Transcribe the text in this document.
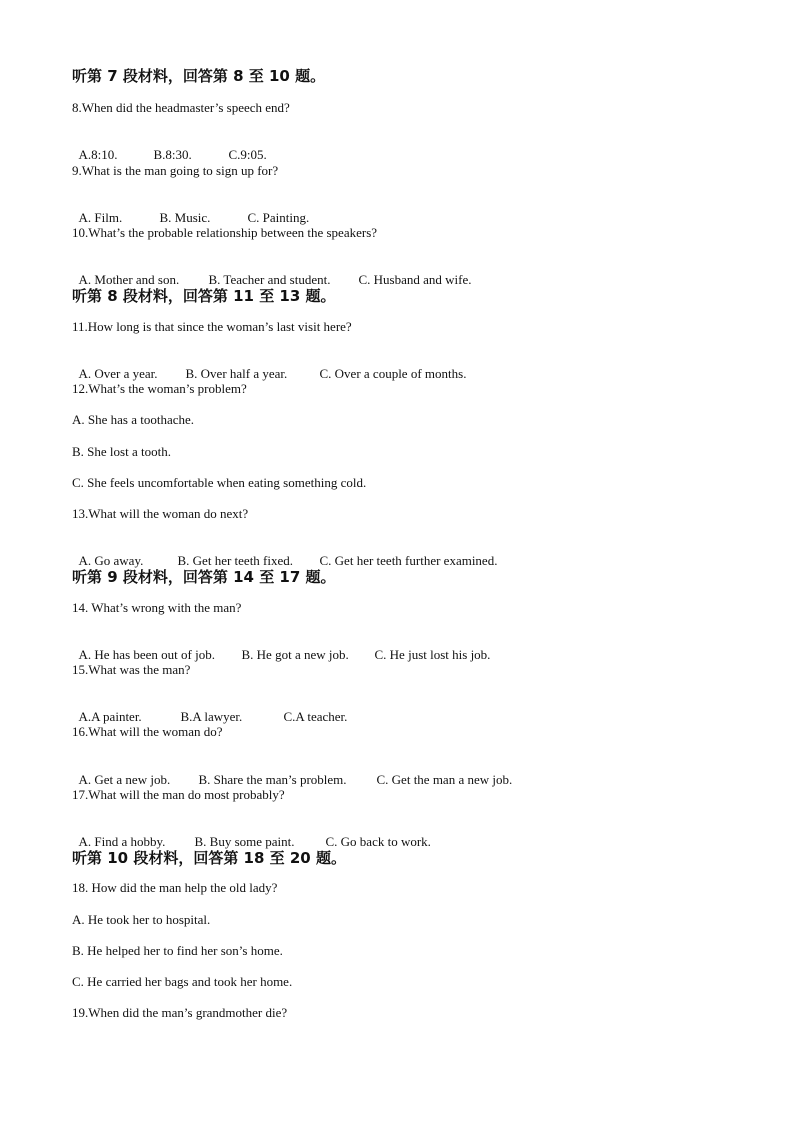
听第 7 段材料，回答第 8 至 10 题。
8.When did the headmaster’s speech end?

A.8:10.	B.8:30.	C.9:05.

9.What is the man going to sign up for?

A. Film.	B. Music.	C. Painting.

10.What’s the probable relationship between the speakers?

A. Mother and son. B. Teacher and student. C. Husband and wife.

听第 8 段材料，回答第 11 至 13 题。
11.How long is that since the woman’s last visit here?

A. Over a year. B. Over half a year. C. Over a couple of months.

12.What’s the woman’s problem?
A. She has a toothache.
B. She lost a tooth.
C. She feels uncomfortable when eating something cold.
13.What will the woman do next?

A. Go away.	B. Get her teeth fixed. C. Get her teeth further examined.

听第 9 段材料，回答第 14 至 17 题。
14. What’s wrong with the man?

A. He has been out of job. B. He got a new job. C. He just lost his job.

15.What was the man?

A.A painter.	B.A lawyer.	C.A teacher.

16.What will the woman do?

A. Get a new job. B. Share the man’s problem. C. Get the man a new job.

17.What will the man do most probably?

A. Find a hobby. B. Buy some paint. C. Go back to work.

听第 10 段材料，回答第 18 至 20 题。
18. How did the man help the old lady?
A. He took her to hospital.
B. He helped her to find her son’s home.
C. He carried her bags and took her home.
19.When did the man’s grandmother die?
